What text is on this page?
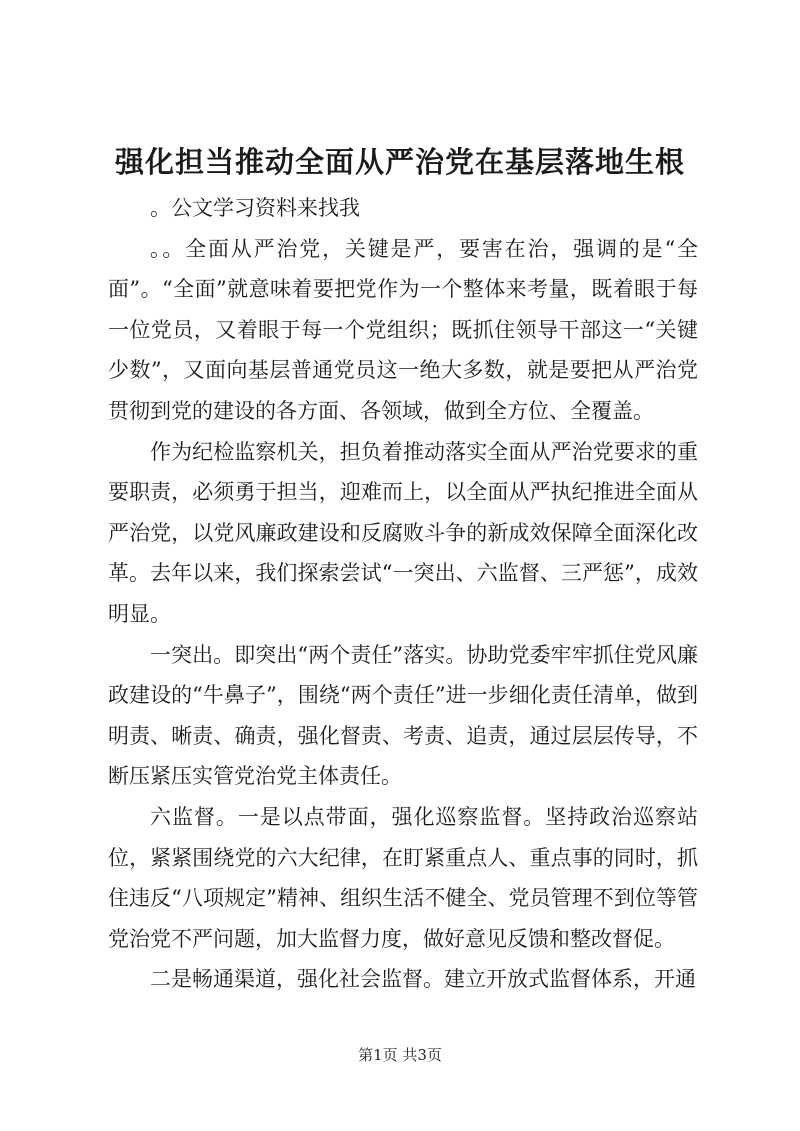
强化担当推动全面从严治党在基层落地生根

。公文学习资料来找我

。。全面从严治党，关键是严，要害在治，强调的是“全面”。“全面”就意味着要把党作为一个整体来考量，既着眼于每一位党员，又着眼于每一个党组织；既抓住领导干部这一“关键少数”，又面向基层普通党员这一绝大多数，就是要把从严治党贯彻到党的建设的各方面、各领域，做到全方位、全覆盖。

作为纪检监察机关，担负着推动落实全面从严治党要求的重要职责，必须勇于担当，迎难而上，以全面从严执纪推进全面从严治党，以党风廉政建设和反腐败斗争的新成效保障全面深化改革。去年以来，我们探索尝试“一突出、六监督、三严惩”，成效明显。

一突出。即突出“两个责任”落实。协助党委牢牢抓住党风廉政建设的“牛鼻子”，围绕“两个责任”进一步细化责任清单，做到明责、晰责、确责，强化督责、考责、追责，通过层层传导，不断压紧压实管党治党主体责任。

六监督。一是以点带面，强化巡察监督。坚持政治巡察站位，紧紧围绕党的六大纪律，在盯紧重点人、重点事的同时，抓住违反“八项规定”精神、组织生活不健全、党员管理不到位等管党治党不严问题，加大监督力度，做好意见反馈和整改督促。

二是畅通渠道，强化社会监督。建立开放式监督体系，开通

第1页 共3页
